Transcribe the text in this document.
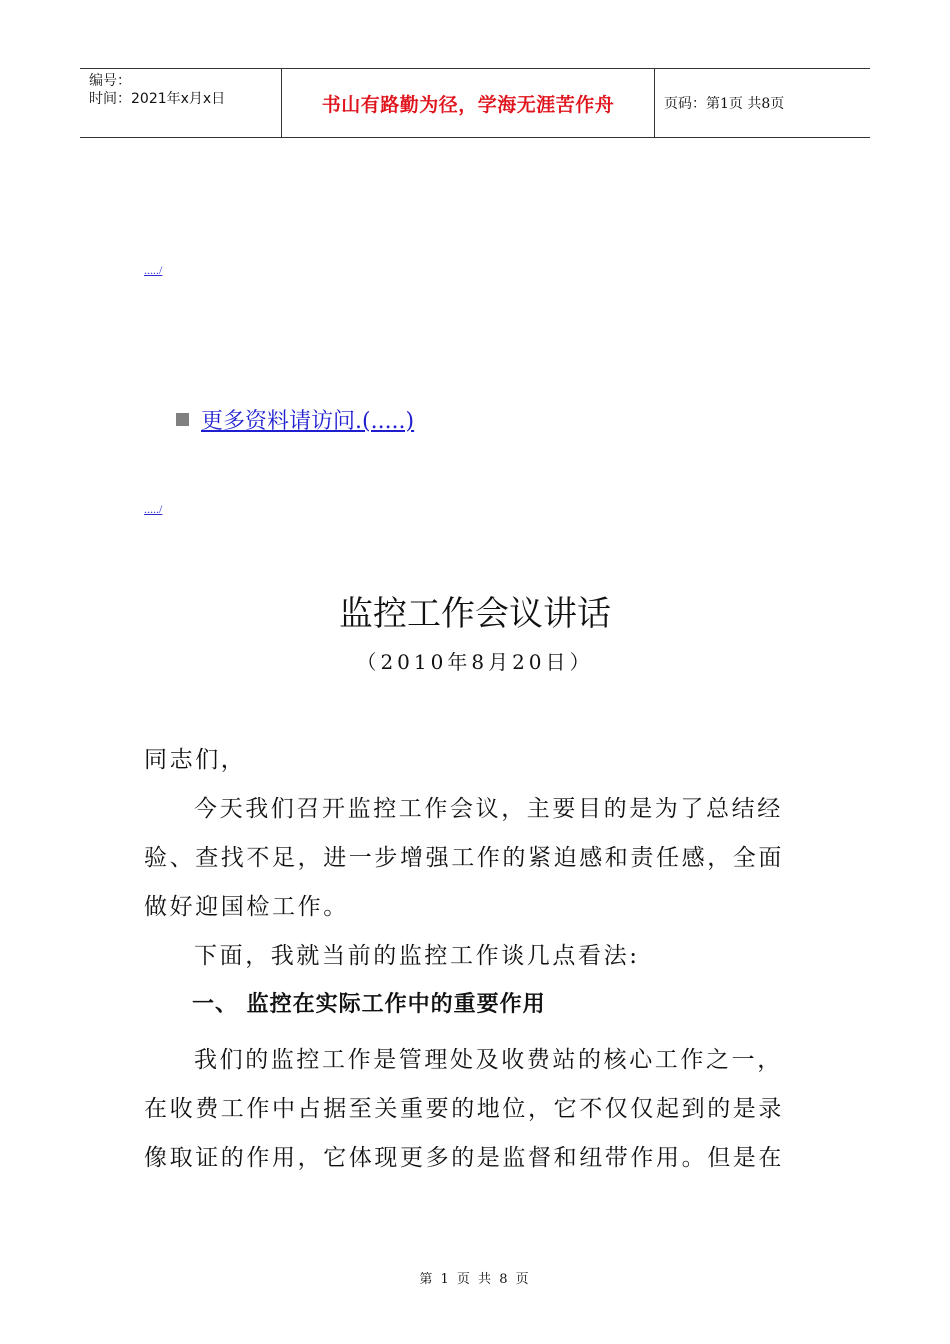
编号：
时间：2021年x月x日	书山有路勤为径，学海无涯苦作舟	页码：第1页 共8页
...../
更多资料请访问.(.....)
...../
监控工作会议讲话
（2010年8月20日）

同志们，

今天我们召开监控工作会议，主要目的是为了总结经验、查找不足，进一步增强工作的紧迫感和责任感，全面做好迎国检工作。

下面，我就当前的监控工作谈几点看法:

一、 监控在实际工作中的重要作用

我们的监控工作是管理处及收费站的核心工作之一，在收费工作中占据至关重要的地位，它不仅仅起到的是录像取证的作用，它体现更多的是监督和纽带作用。但是在

第 1 页 共 8 页
